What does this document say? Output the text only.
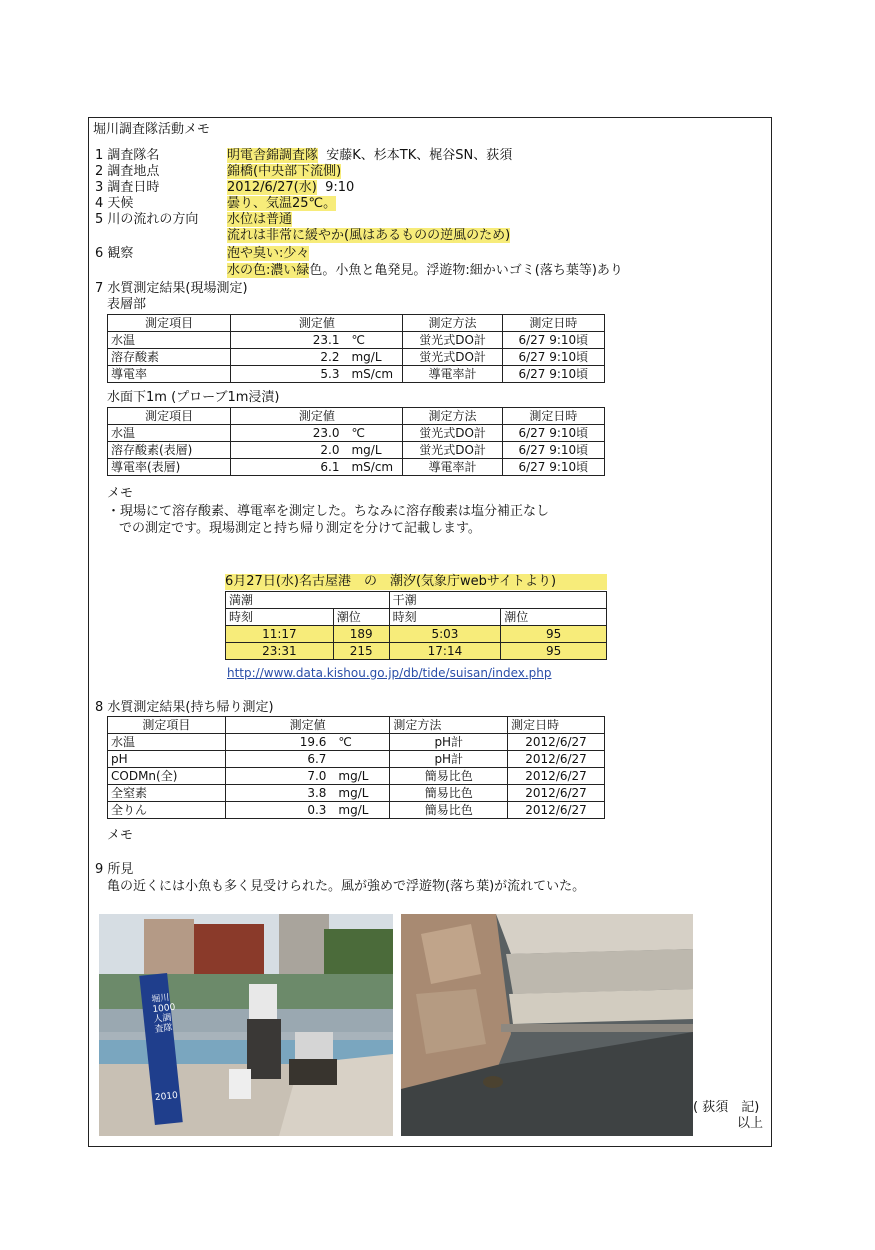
堀川調査隊活動メモ
1 調査隊名	明電舎錦調査隊 安藤K、杉本TK、梶谷SN、荻須
2 調査地点	錦橋(中央部下流側)
3 調査日時	2012/6/27(水) 9:10
4 天候	曇り、気温25℃。
5 川の流れの方向 水位は普通
流れは非常に緩やか(風はあるものの逆風のため)
6 観察	泡や臭い:少々
水の色:濃い緑色。小魚と亀発見。浮遊物:細かいゴミ(落ち葉等)あり
7 水質測定結果(現場測定)
表層部
測定項目	測定値	測定方法	測定日時
水温	23.1 ℃	蛍光式DO計	6/27 9:10頃
溶存酸素	2.2 mg/L	蛍光式DO計	6/27 9:10頃
導電率	5.3 mS/cm	導電率計	6/27 9:10頃
水面下1m (プローブ1m浸漬)
測定項目	測定値	測定方法	測定日時
水温	23.0 ℃	蛍光式DO計	6/27 9:10頃
溶存酸素(表層)	2.0 mg/L	蛍光式DO計	6/27 9:10頃
導電率(表層)	6.1 mS/cm	導電率計	6/27 9:10頃
メモ
・現場にて溶存酸素、導電率を測定した。ちなみに溶存酸素は塩分補正なし
での測定です。現場測定と持ち帰り測定を分けて記載します。
6月27日(水)名古屋港　の　潮汐(気象庁webサイトより)
満潮		干潮	
時刻	潮位	時刻	潮位
11:17	189	5:03	95
23:31	215	17:14	95
http://www.data.kishou.go.jp/db/tide/suisan/index.php
8 水質測定結果(持ち帰り測定)
測定項目	測定値	測定方法	測定日時
水温	19.6 ℃	pH計	2012/6/27
pH	6.7	pH計	2012/6/27
CODMn(全)	7.0 mg/L	簡易比色	2012/6/27
全窒素	3.8 mg/L	簡易比色	2012/6/27
全りん	0.3 mg/L	簡易比色	2012/6/27
メモ
9 所見
亀の近くには小魚も多く見受けられた。風が強めで浮遊物(落ち葉)が流れていた。
堀川1000人調査隊
2010
( 荻須　記)
以上
